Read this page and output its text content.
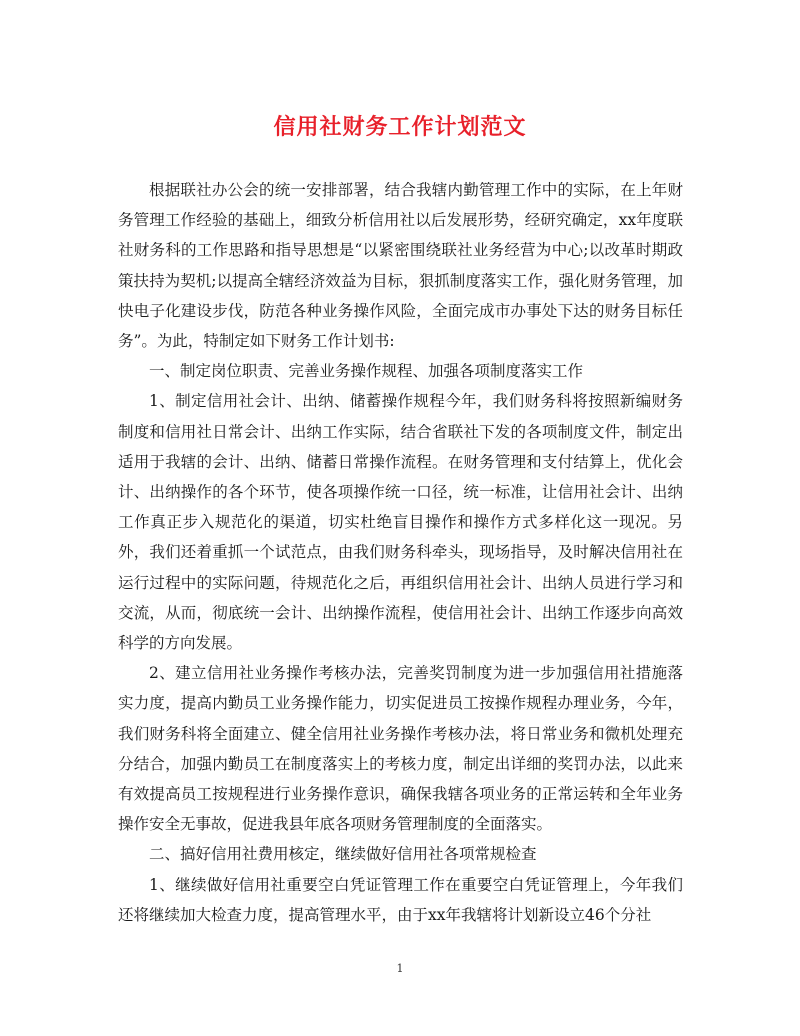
信用社财务工作计划范文

根据联社办公会的统一安排部署，结合我辖内勤管理工作中的实际，在上年财务管理工作经验的基础上，细致分析信用社以后发展形势，经研究确定，xx年度联社财务科的工作思路和指导思想是“以紧密围绕联社业务经营为中心;以改革时期政策扶持为契机;以提高全辖经济效益为目标，狠抓制度落实工作，强化财务管理，加快电子化建设步伐，防范各种业务操作风险，全面完成市办事处下达的财务目标任务”。为此，特制定如下财务工作计划书:

一、制定岗位职责、完善业务操作规程、加强各项制度落实工作

1、制定信用社会计、出纳、储蓄操作规程今年，我们财务科将按照新编财务制度和信用社日常会计、出纳工作实际，结合省联社下发的各项制度文件，制定出适用于我辖的会计、出纳、储蓄日常操作流程。在财务管理和支付结算上，优化会计、出纳操作的各个环节，使各项操作统一口径，统一标准，让信用社会计、出纳工作真正步入规范化的渠道，切实杜绝盲目操作和操作方式多样化这一现况。另外，我们还着重抓一个试范点，由我们财务科牵头，现场指导，及时解决信用社在运行过程中的实际问题，待规范化之后，再组织信用社会计、出纳人员进行学习和交流，从而，彻底统一会计、出纳操作流程，使信用社会计、出纳工作逐步向高效科学的方向发展。

2、建立信用社业务操作考核办法，完善奖罚制度为进一步加强信用社措施落实力度，提高内勤员工业务操作能力，切实促进员工按操作规程办理业务，今年，我们财务科将全面建立、健全信用社业务操作考核办法，将日常业务和微机处理充分结合，加强内勤员工在制度落实上的考核力度，制定出详细的奖罚办法，以此来有效提高员工按规程进行业务操作意识，确保我辖各项业务的正常运转和全年业务操作安全无事故，促进我县年底各项财务管理制度的全面落实。

二、搞好信用社费用核定，继续做好信用社各项常规检查

1、继续做好信用社重要空白凭证管理工作在重要空白凭证管理上，今年我们还将继续加大检查力度，提高管理水平，由于xx年我辖将计划新设立46个分社

1
